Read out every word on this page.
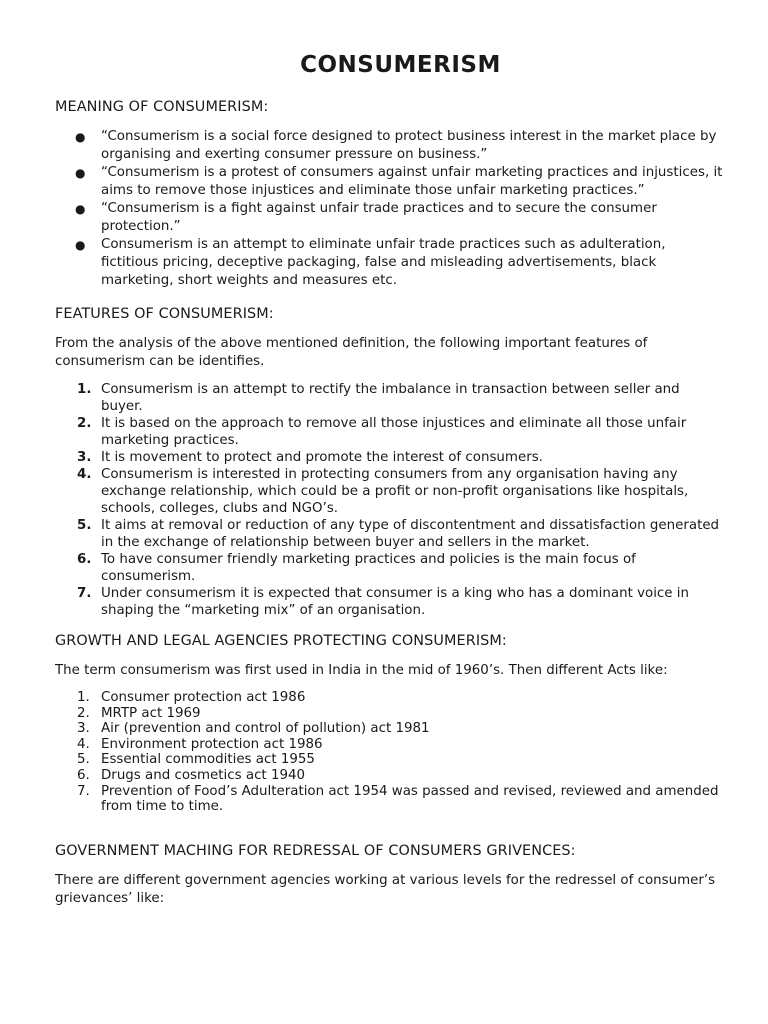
CONSUMERISM
MEANING OF CONSUMERISM:
● “Consumerism is a social force designed to protect business interest in the market place by organising and exerting consumer pressure on business.”
● “Consumerism is a protest of consumers against unfair marketing practices and injustices, it aims to remove those injustices and eliminate those unfair marketing practices.”
● “Consumerism is a fight against unfair trade practices and to secure the consumer protection.”
● Consumerism is an attempt to eliminate unfair trade practices such as adulteration, fictitious pricing, deceptive packaging, false and misleading advertisements, black marketing, short weights and measures etc.
FEATURES OF CONSUMERISM:

From the analysis of the above mentioned definition, the following important features of consumerism can be identifies.

1. Consumerism is an attempt to rectify the imbalance in transaction between seller and buyer.
2. It is based on the approach to remove all those injustices and eliminate all those unfair marketing practices.
3. It is movement to protect and promote the interest of consumers.
4. Consumerism is interested in protecting consumers from any organisation having any exchange relationship, which could be a profit or non-profit organisations like hospitals, schools, colleges, clubs and NGO’s.
5. It aims at removal or reduction of any type of discontentment and dissatisfaction generated in the exchange of relationship between buyer and sellers in the market.
6. To have consumer friendly marketing practices and policies is the main focus of consumerism.
7. Under consumerism it is expected that consumer is a king who has a dominant voice in shaping the “marketing mix” of an organisation.
GROWTH AND LEGAL AGENCIES PROTECTING CONSUMERISM:

The term consumerism was first used in India in the mid of 1960’s. Then different Acts like:

1. Consumer protection act 1986
2. MRTP act 1969
3. Air (prevention and control of pollution) act 1981
4. Environment protection act 1986
5. Essential commodities act 1955
6. Drugs and cosmetics act 1940
7. Prevention of Food’s Adulteration act 1954 was passed and revised, reviewed and amended from time to time.
GOVERNMENT MACHING FOR REDRESSAL OF CONSUMERS GRIVENCES:

There are different government agencies working at various levels for the redressel of consumer’s grievances’ like:
